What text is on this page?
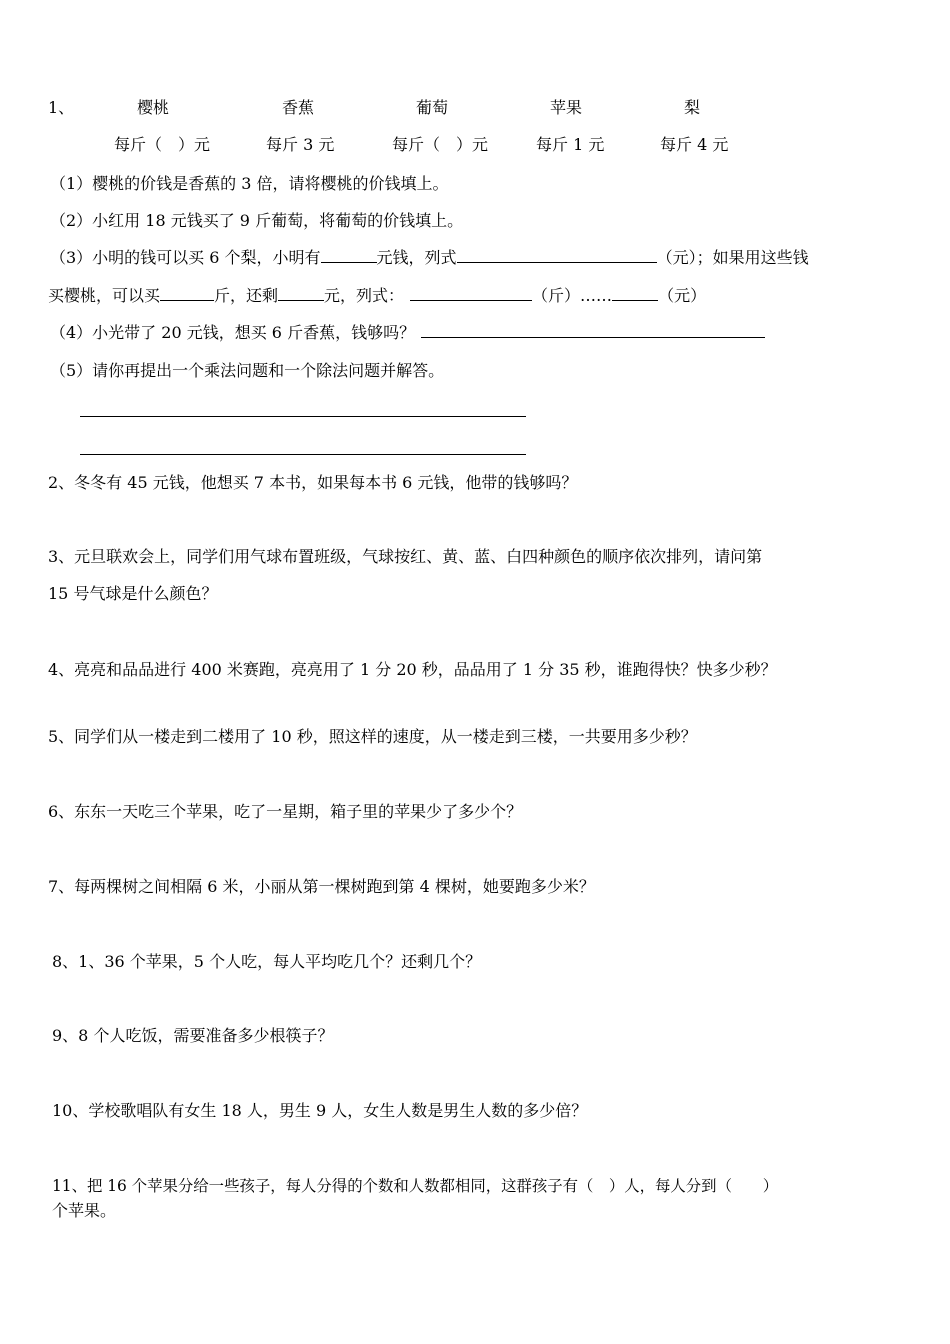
1、	樱桃	香蕉	葡萄	苹果	梨
每斤（　）元	每斤 3 元	每斤（　）元	每斤 1 元	每斤 4 元
（1）樱桃的价钱是香蕉的 3 倍，请将樱桃的价钱填上。
（2）小红用 18 元钱买了 9 斤葡萄，将葡萄的价钱填上。
（3）小明的钱可以买 6 个梨，小明有	元钱，列式	（元）；如果用这些钱
买樱桃，可以买	斤，还剩	元，列式：	（斤）……	（元）
（4）小光带了 20 元钱，想买 6 斤香蕉，钱够吗？
（5）请你再提出一个乘法问题和一个除法问题并解答。
2、冬冬有 45 元钱，他想买 7 本书，如果每本书 6 元钱，他带的钱够吗？
3、元旦联欢会上，同学们用气球布置班级，气球按红、黄、蓝、白四种颜色的顺序依次排列，请问第
15 号气球是什么颜色？
4、亮亮和品品进行 400 米赛跑，亮亮用了 1 分 20 秒，品品用了 1 分 35 秒，谁跑得快？快多少秒？
5、同学们从一楼走到二楼用了 10 秒，照这样的速度，从一楼走到三楼，一共要用多少秒？
6、东东一天吃三个苹果，吃了一星期，箱子里的苹果少了多少个？
7、每两棵树之间相隔 6 米，小丽从第一棵树跑到第 4 棵树，她要跑多少米？
8、1、36 个苹果，5 个人吃，每人平均吃几个？还剩几个？
9、8 个人吃饭，需要准备多少根筷子？
10、学校歌唱队有女生 18 人，男生 9 人，女生人数是男生人数的多少倍？
11、把 16 个苹果分给一些孩子，每人分得的个数和人数都相同，这群孩子有（　）人，每人分到（　　）
个苹果。
